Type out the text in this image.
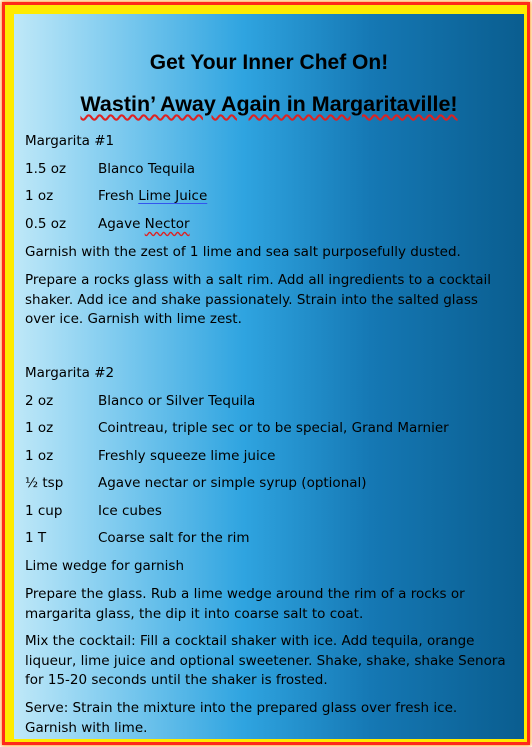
Get Your Inner Chef On!
Wastin’ Away Again in Margaritaville!
Margarita #1
1.5 oz Blanco Tequila
1 oz	Fresh Lime Juice
0.5 oz Agave Nector
Garnish with the zest of 1 lime and sea salt purposefully dusted.
Prepare a rocks glass with a salt rim. Add all ingredients to a cocktail shaker. Add ice and shake passionately. Strain into the salted glass over ice. Garnish with lime zest.
Margarita #2
2 oz	Blanco or Silver Tequila
1 oz	Cointreau, triple sec or to be special, Grand Marnier
1 oz	Freshly squeeze lime juice
½ tsp	Agave nectar or simple syrup (optional)
1 cup	Ice cubes
1 T	Coarse salt for the rim
Lime wedge for garnish
Prepare the glass. Rub a lime wedge around the rim of a rocks or margarita glass, the dip it into coarse salt to coat.
Mix the cocktail: Fill a cocktail shaker with ice. Add tequila, orange liqueur, lime juice and optional sweetener. Shake, shake, shake Senora for 15-20 seconds until the shaker is frosted.
Serve: Strain the mixture into the prepared glass over fresh ice. Garnish with lime.
